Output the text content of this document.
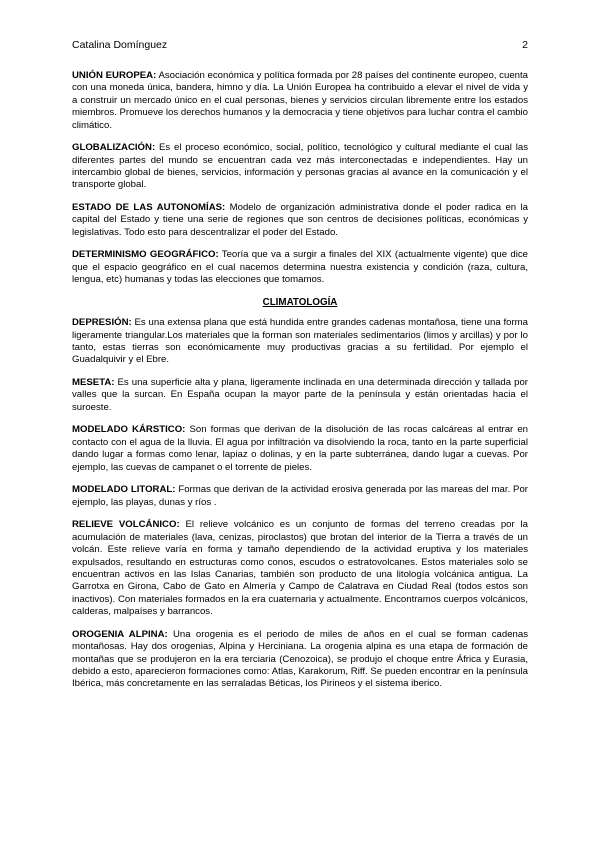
Catalina Domínguez	2

UNIÓN EUROPEA: Asociación económica y política formada por 28 países del continente europeo, cuenta con una moneda única, bandera, himno y día. La Unión Europea ha contribuido a elevar el nivel de vida y a construir un mercado único en el cual personas, bienes y servicios circulan libremente entre los estados miembros. Promueve los derechos humanos y la democracia y tiene objetivos para luchar contra el cambio climático.

GLOBALIZACIÓN: Es el proceso económico, social, político, tecnológico y cultural mediante el cual las diferentes partes del mundo se encuentran cada vez más interconectadas e independientes. Hay un intercambio global de bienes, servicios, información y personas gracias al avance en la comunicación y el transporte global.

ESTADO DE LAS AUTONOMÍAS: Modelo de organización administrativa donde el poder radica en la capital del Estado y tiene una serie de regiones que son centros de decisiones políticas, económicas y legislativas. Todo esto para descentralizar el poder del Estado.

DETERMINISMO GEOGRÁFICO: Teoría que va a surgir a finales del XIX (actualmente vigente) que dice que el espacio geográfico en el cual nacemos determina nuestra existencia y condición (raza, cultura, lengua, etc) humanas y todas las elecciones que tomamos.

CLIMATOLOGÍA

DEPRESIÓN: Es una extensa plana que está hundida entre grandes cadenas montañosa, tiene una forma ligeramente triangular.Los materiales que la forman son materiales sedimentarios (limos y arcillas) y por lo tanto, estas tierras son económicamente muy productivas gracias a su fertilidad. Por ejemplo el Guadalquivir y el Ebre.

MESETA: Es una superficie alta y plana, ligeramente inclinada en una determinada dirección y tallada por valles que la surcan. En España ocupan la mayor parte de la península y están orientadas hacia el suroeste.

MODELADO KÁRSTICO: Son formas que derivan de la disolución de las rocas calcáreas al entrar en contacto con el agua de la lluvia. El agua por infiltración va disolviendo la roca, tanto en la parte superficial dando lugar a formas como lenar, lapiaz o dolinas, y en la parte subterránea, dando lugar a cuevas. Por ejemplo, las cuevas de campanet o el torrente de pieles.

MODELADO LITORAL: Formas que derivan de la actividad erosiva generada por las mareas del mar. Por ejemplo, las playas, dunas y ríos .

RELIEVE VOLCÁNICO: El relieve volcánico es un conjunto de formas del terreno creadas por la acumulación de materiales (lava, cenizas, piroclastos) que brotan del interior de la Tierra a través de un volcán. Este relieve varía en forma y tamaño dependiendo de la actividad eruptiva y los materiales expulsados, resultando en estructuras como conos, escudos o estratovolcanes. Estos materiales solo se encuentran activos en las Islas Canarias, también son producto de una litología volcánica antigua. La Garrotxa en Girona, Cabo de Gato en Almería y Campo de Calatrava en Ciudad Real (todos estos son inactivos). Con materiales formados en la era cuaternaria y actualmente. Encontramos cuerpos volcánicos, calderas, malpaíses y barrancos.

OROGENIA ALPINA: Una orogenia es el periodo de miles de años en el cual se forman cadenas montañosas. Hay dos orogenias, Alpina y Herciniana. La orogenia alpina es una etapa de formación de montañas que se produjeron en la era terciaria (Cenozoica), se produjo el choque entre África y Eurasia, debido a esto, aparecieron formaciones como: Atlas, Karakorum, Riff. Se pueden encontrar en la península Ibérica, más concretamente en las serraladas Béticas, los Pirineos y el sistema iberico.
